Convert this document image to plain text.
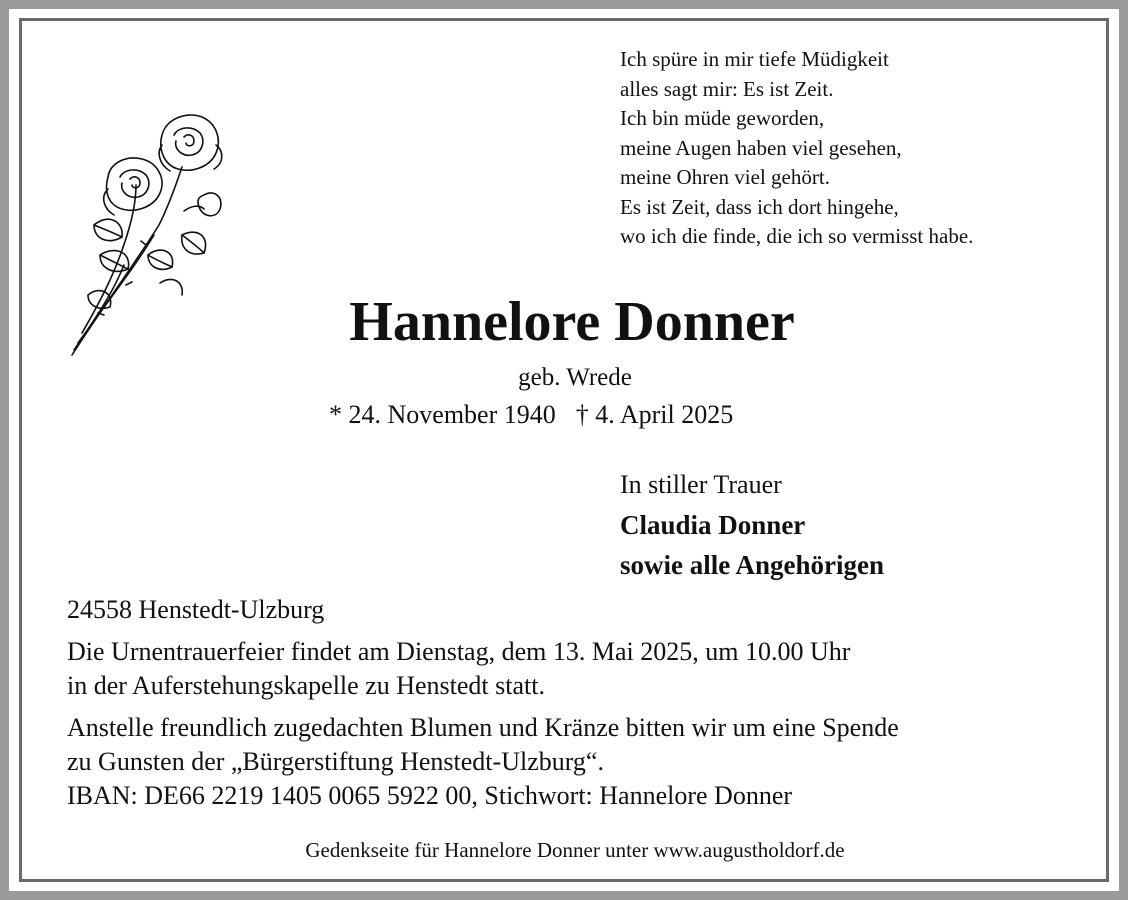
Ich spüre in mir tiefe Müdigkeit
alles sagt mir: Es ist Zeit.
Ich bin müde geworden,
meine Augen haben viel gesehen,
meine Ohren viel gehört.
Es ist Zeit, dass ich dort hingehe,
wo ich die finde, die ich so vermisst habe.
Hannelore Donner
geb. Wrede
* 24. November 1940 † 4. April 2025
In stiller Trauer
Claudia Donner
sowie alle Angehörigen
24558 Henstedt-Ulzburg
Die Urnentrauerfeier findet am Dienstag, dem 13. Mai 2025, um 10.00 Uhr
in der Auferstehungskapelle zu Henstedt statt.
Anstelle freundlich zugedachten Blumen und Kränze bitten wir um eine Spende
zu Gunsten der „Bürgerstiftung Henstedt-Ulzburg“.
IBAN: DE66 2219 1405 0065 5922 00, Stichwort: Hannelore Donner
Gedenkseite für Hannelore Donner unter www.augustholdorf.de
